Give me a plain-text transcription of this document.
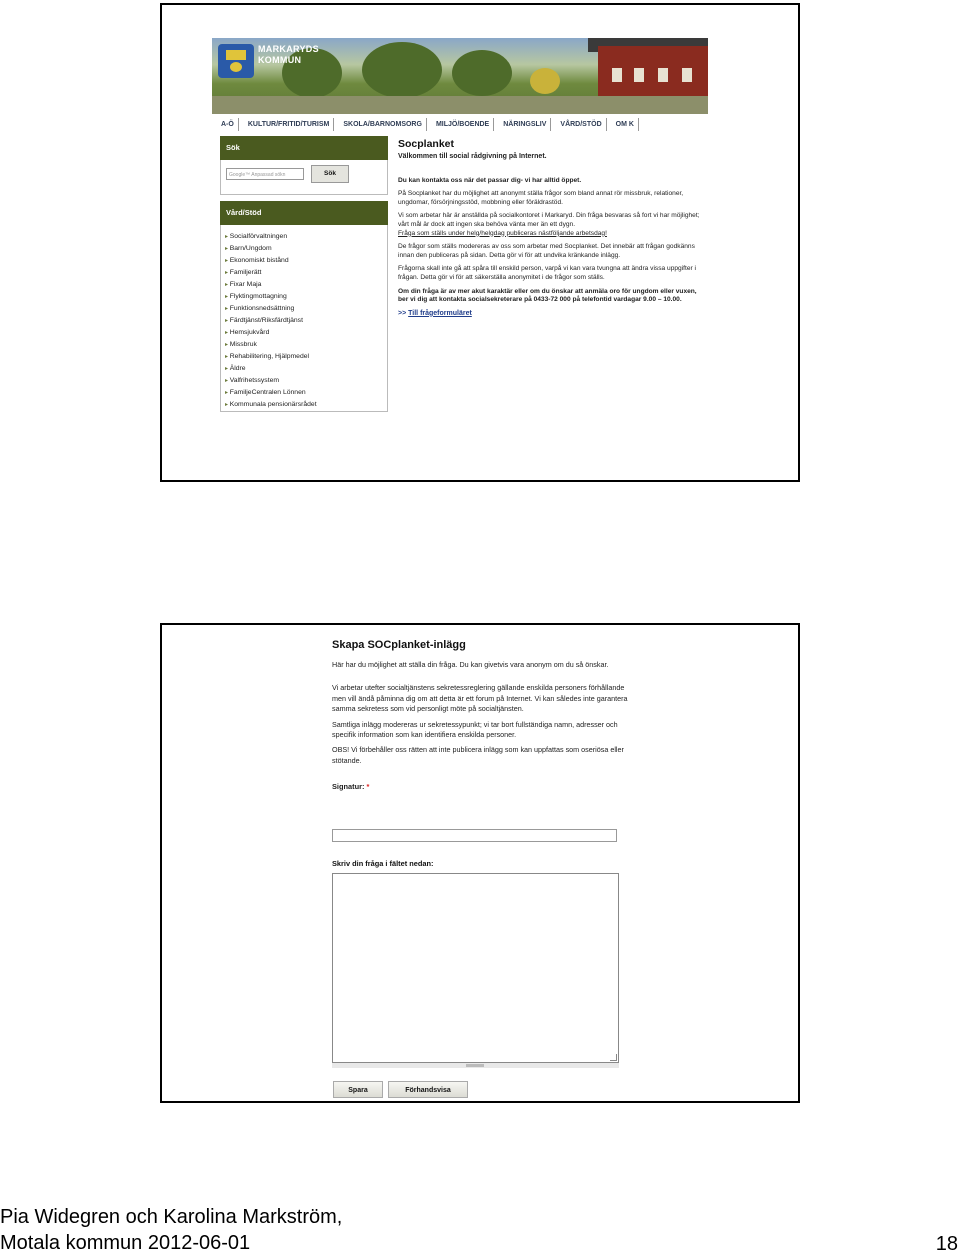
MARKARYDS
KOMMUN
A-Ö	KULTUR/FRITID/TURISM	SKOLA/BARNOMSORG	MILJÖ/BOENDE	NÄRINGSLIV	VÅRD/STÖD	OM K
Sök
Google™ Anpassad sökn	Sök
Vård/Stöd
▸ Socialförvaltningen
▸ Barn/Ungdom
▸ Ekonomiskt bistånd
▸ Familjerätt
▸ Fixar Maja
▸ Flyktingmottagning
▸ Funktionsnedsättning
▸ Färdtjänst/Riksfärdtjänst
▸ Hemsjukvård
▸ Missbruk
▸ Rehabilitering, Hjälpmedel
▸ Äldre
▸ Valfrihetssystem
▸ FamiljeCentralen Lönnen
▸ Kommunala pensionärsrådet
Socplanket
Välkommen till social rådgivning på Internet.

Du kan kontakta oss när det passar dig- vi har alltid öppet.

På Socplanket har du möjlighet att anonymt ställa frågor som bland annat rör missbruk, relationer, ungdomar, försörjningsstöd, mobbning eller föräldrastöd.

Vi som arbetar här är anställda på socialkontoret i Markaryd. Din fråga besvaras så fort vi har möjlighet; vårt mål är dock att ingen ska behöva vänta mer än ett dygn.
Fråga som ställs under helg/helgdag publiceras nästföljande arbetsdag!

De frågor som ställs modereras av oss som arbetar med Socplanket. Det innebär att frågan godkänns innan den publiceras på sidan. Detta gör vi för att undvika kränkande inlägg.

Frågorna skall inte gå att spåra till enskild person, varpå vi kan vara tvungna att ändra vissa uppgifter i frågan. Detta gör vi för att säkerställa anonymitet i de frågor som ställs.

Om din fråga är av mer akut karaktär eller om du önskar att anmäla oro för ungdom eller vuxen, ber vi dig att kontakta socialsekreterare på 0433-72 000 på telefontid vardagar 9.00 – 10.00.

>> Till frågeformuläret
Skapa SOCplanket-inlägg

Här har du möjlighet att ställa din fråga. Du kan givetvis vara anonym om du så önskar.

Vi arbetar utefter socialtjänstens sekretessreglering gällande enskilda personers förhållande men vill ändå påminna dig om att detta är ett forum på Internet. Vi kan således inte garantera samma sekretess som vid personligt möte på socialtjänsten.

Samtliga inlägg modereras ur sekretessypunkt; vi tar bort fullständiga namn, adresser och specifik information som kan identifiera enskilda personer.

OBS! Vi förbehåller oss rätten att inte publicera inlägg som kan uppfattas som oseriösa eller stötande.

Signatur: *
Skriv din fråga i fältet nedan:
Spara	Förhandsvisa
Pia Widegren och Karolina Markström,
Motala kommun 2012-06-01	18
